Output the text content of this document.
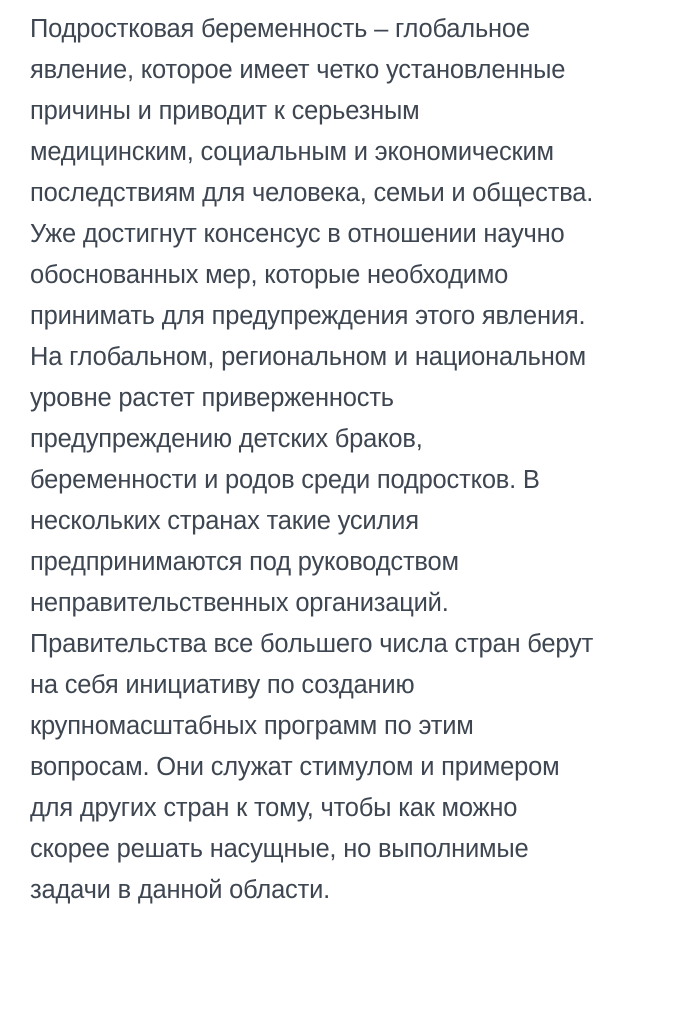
Подростковая беременность – глобальное
явление, которое имеет четко установленные
причины и приводит к серьезным
медицинским, социальным и экономическим
последствиям для человека, семьи и общества.
Уже достигнут консенсус в отношении научно
обоснованных мер, которые необходимо
принимать для предупреждения этого явления.
На глобальном, региональном и национальном
уровне растет приверженность
предупреждению детских браков,
беременности и родов среди подростков. В
нескольких странах такие усилия
предпринимаются под руководством
неправительственных организаций.
Правительства все большего числа стран берут
на себя инициативу по созданию
крупномасштабных программ по этим
вопросам. Они служат стимулом и примером
для других стран к тому, чтобы как можно
скорее решать насущные, но выполнимые
задачи в данной области.
